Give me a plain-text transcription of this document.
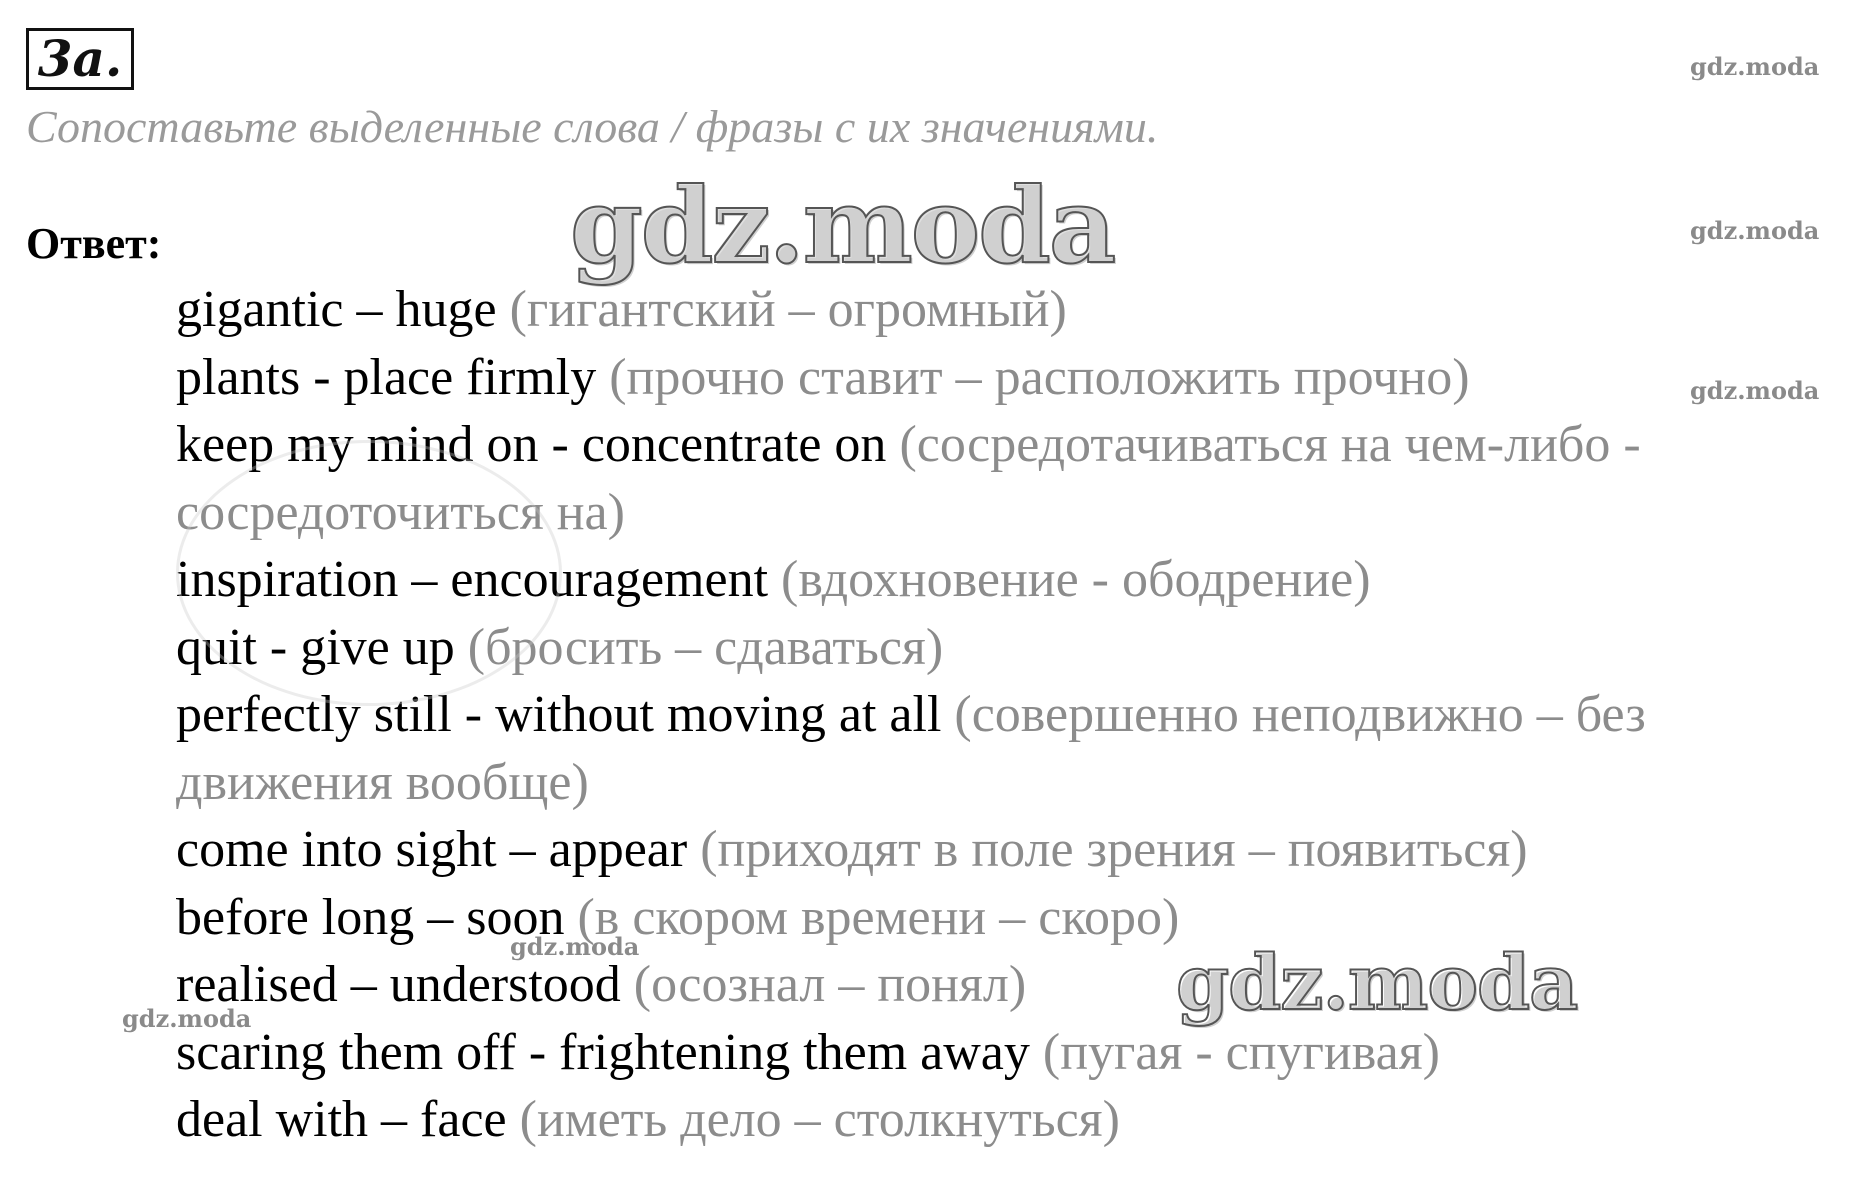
3a.
Сопоставьте выделенные слова / фразы с их значениями.
Ответ:
gigantic – huge (гигантский – огромный)
plants - place firmly (прочно ставит – расположить прочно)
keep my mind on - concentrate on (сосредотачиваться на чем-либо - сосредоточиться на)
inspiration – encouragement (вдохновение - ободрение)
quit - give up (бросить – сдаваться)
perfectly still - without moving at all (совершенно неподвижно – без движения вообще)
come into sight – appear (приходят в поле зрения – появиться)
before long – soon (в скором времени – скоро)
realised – understood (осознал – понял)
scaring them off - frightening them away (пугая - спугивая)
deal with – face (иметь дело – столкнуться)
gdz.moda
gdz.moda
gdz.moda
gdz.moda
gdz.moda
gdz.moda
gdz.moda
